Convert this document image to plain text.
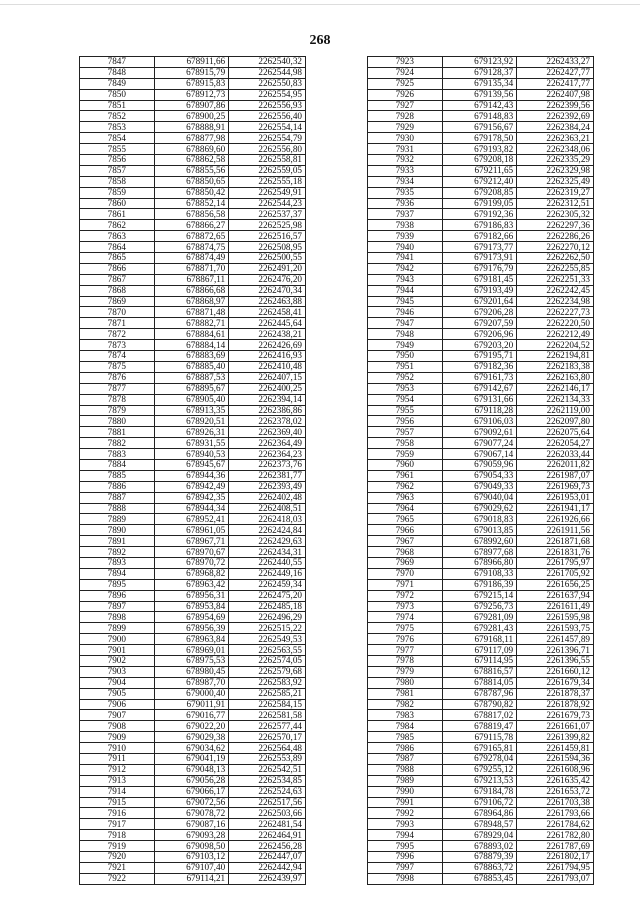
268
7847	678911,66	2262540,32
7848	678915,79	2262544,98
7849	678915,83	2262550,83
7850	678912,73	2262554,95
7851	678907,86	2262556,93
7852	678900,25	2262556,40
7853	678888,91	2262554,14
7854	678877,98	2262554,79
7855	678869,60	2262556,80
7856	678862,58	2262558,81
7857	678855,56	2262559,05
7858	678850,65	2262555,18
7859	678850,42	2262549,91
7860	678852,14	2262544,23
7861	678856,58	2262537,37
7862	678866,27	2262525,98
7863	678872,65	2262516,57
7864	678874,75	2262508,95
7865	678874,49	2262500,55
7866	678871,70	2262491,20
7867	678867,11	2262476,20
7868	678866,68	2262470,34
7869	678868,97	2262463,88
7870	678871,48	2262458,41
7871	678882,71	2262445,64
7872	678884,61	2262438,21
7873	678884,14	2262426,69
7874	678883,69	2262416,93
7875	678885,40	2262410,48
7876	678887,53	2262407,15
7877	678895,67	2262400,25
7878	678905,40	2262394,14
7879	678913,35	2262386,86
7880	678920,51	2262378,02
7881	678926,31	2262369,40
7882	678931,55	2262364,49
7883	678940,53	2262364,23
7884	678945,67	2262373,76
7885	678944,36	2262381,77
7886	678942,49	2262393,49
7887	678942,35	2262402,48
7888	678944,34	2262408,51
7889	678952,41	2262418,03
7890	678961,05	2262424,84
7891	678967,71	2262429,63
7892	678970,67	2262434,31
7893	678970,72	2262440,55
7894	678968,82	2262449,16
7895	678963,42	2262459,34
7896	678956,31	2262475,20
7897	678953,84	2262485,18
7898	678954,69	2262496,29
7899	678956,39	2262515,22
7900	678963,84	2262549,53
7901	678969,01	2262563,55
7902	678975,53	2262574,05
7903	678980,45	2262579,68
7904	678987,70	2262583,92
7905	679000,40	2262585,21
7906	679011,91	2262584,15
7907	679016,77	2262581,58
7908	679022,20	2262577,44
7909	679029,38	2262570,17
7910	679034,62	2262564,48
7911	679041,19	2262553,89
7912	679048,13	2262542,51
7913	679056,28	2262534,85
7914	679066,17	2262524,63
7915	679072,56	2262517,56
7916	679078,72	2262503,66
7917	679087,16	2262481,54
7918	679093,28	2262464,91
7919	679098,50	2262456,28
7920	679103,12	2262447,07
7921	679107,40	2262442,94
7922	679114,21	2262439,97
7923	679123,92	2262433,27
7924	679128,37	2262427,77
7925	679135,34	2262417,77
7926	679139,56	2262407,98
7927	679142,43	2262399,56
7928	679148,83	2262392,69
7929	679156,67	2262384,24
7930	679178,50	2262363,21
7931	679193,82	2262348,06
7932	679208,18	2262335,29
7933	679211,65	2262329,98
7934	679212,40	2262325,49
7935	679208,85	2262319,27
7936	679199,05	2262312,51
7937	679192,36	2262305,32
7938	679186,83	2262297,36
7939	679182,66	2262286,26
7940	679173,77	2262270,12
7941	679173,91	2262262,50
7942	679176,79	2262255,85
7943	679181,45	2262251,33
7944	679193,49	2262242,45
7945	679201,64	2262234,98
7946	679206,28	2262227,73
7947	679207,59	2262220,50
7948	679206,96	2262212,49
7949	679203,20	2262204,52
7950	679195,71	2262194,81
7951	679182,36	2262183,38
7952	679161,73	2262163,80
7953	679142,67	2262146,17
7954	679131,66	2262134,33
7955	679118,28	2262119,00
7956	679106,03	2262097,80
7957	679092,61	2262075,64
7958	679077,24	2262054,27
7959	679067,14	2262033,44
7960	679059,96	2262011,82
7961	679054,33	2261987,07
7962	679049,33	2261969,73
7963	679040,04	2261953,01
7964	679029,62	2261941,17
7965	679018,83	2261926,66
7966	679013,85	2261911,56
7967	678992,60	2261871,68
7968	678977,68	2261831,76
7969	678966,80	2261795,97
7970	679108,33	2261705,92
7971	679186,39	2261656,25
7972	679215,14	2261637,94
7973	679256,73	2261611,49
7974	679281,09	2261595,98
7975	679281,43	2261593,75
7976	679168,11	2261457,89
7977	679117,09	2261396,71
7978	679114,95	2261396,55
7979	678816,57	2261660,12
7980	678814,05	2261679,34
7981	678787,96	2261878,37
7982	678790,82	2261878,92
7983	678817,02	2261679,73
7984	678819,47	2261661,07
7985	679115,78	2261399,82
7986	679165,81	2261459,81
7987	679278,04	2261594,36
7988	679255,12	2261608,96
7989	679213,53	2261635,42
7990	679184,78	2261653,72
7991	679106,72	2261703,38
7992	678964,86	2261793,66
7993	678948,57	2261784,62
7994	678929,04	2261782,80
7995	678893,02	2261787,69
7996	678879,39	2261802,17
7997	678863,72	2261794,95
7998	678853,45	2261793,07
